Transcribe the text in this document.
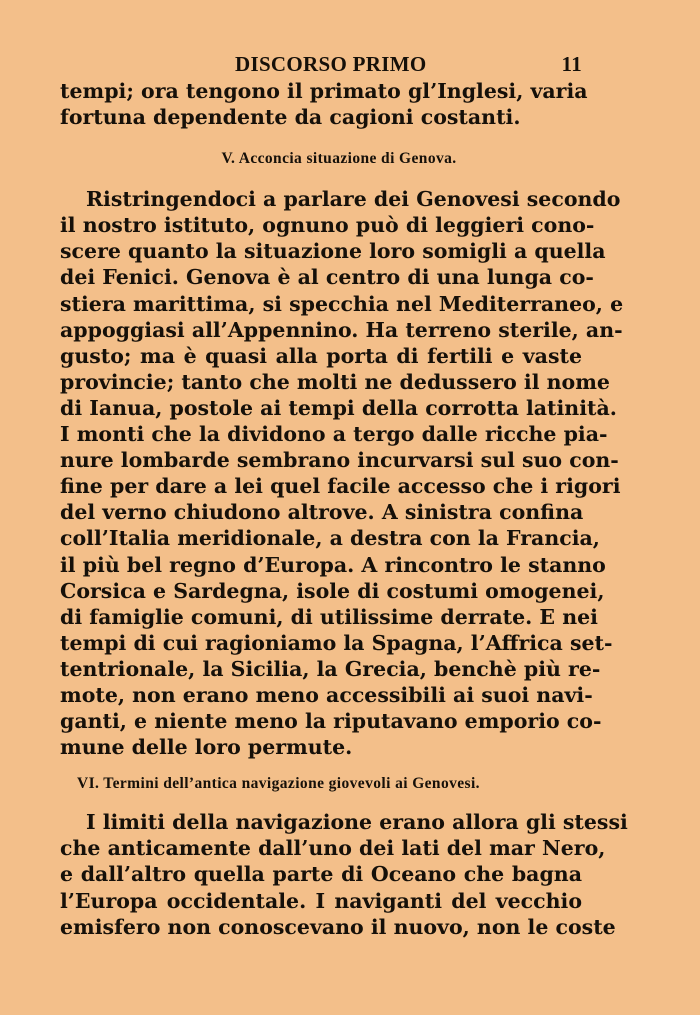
DISCORSO PRIMO	11

tempi; ora tengono il primato gl’Inglesi, varia
fortuna dependente da cagioni costanti.

V. Acconcia situazione di Genova.

Ristringendoci a parlare dei Genovesi secondo
il nostro istituto, ognuno può di leggieri cono-
scere quanto la situazione loro somigli a quella
dei Fenici. Genova è al centro di una lunga co-
stiera marittima, si specchia nel Mediterraneo, e
appoggiasi all’Appennino. Ha terreno sterile, an-
gusto; ma è quasi alla porta di fertili e vaste
provincie; tanto che molti ne dedussero il nome
di Ianua, postole ai tempi della corrotta latinità.
I monti che la dividono a tergo dalle ricche pia-
nure lombarde sembrano incurvarsi sul suo con-
fine per dare a lei quel facile accesso che i rigori
del verno chiudono altrove. A sinistra confina
coll’Italia meridionale, a destra con la Francia,
il più bel regno d’Europa. A rincontro le stanno
Corsica e Sardegna, isole di costumi omogenei,
di famiglie comuni, di utilissime derrate. E nei
tempi di cui ragioniamo la Spagna, l’Affrica set-
tentrionale, la Sicilia, la Grecia, benchè più re-
mote, non erano meno accessibili ai suoi navi-
ganti, e niente meno la riputavano emporio co-
mune delle loro permute.

VI. Termini dell’antica navigazione giovevoli ai Genovesi.

I limiti della navigazione erano allora gli stessi
che anticamente dall’uno dei lati del mar Nero,
e dall’altro quella parte di Oceano che bagna
l’Europa occidentale. I naviganti del vecchio
emisfero non conoscevano il nuovo, non le coste
